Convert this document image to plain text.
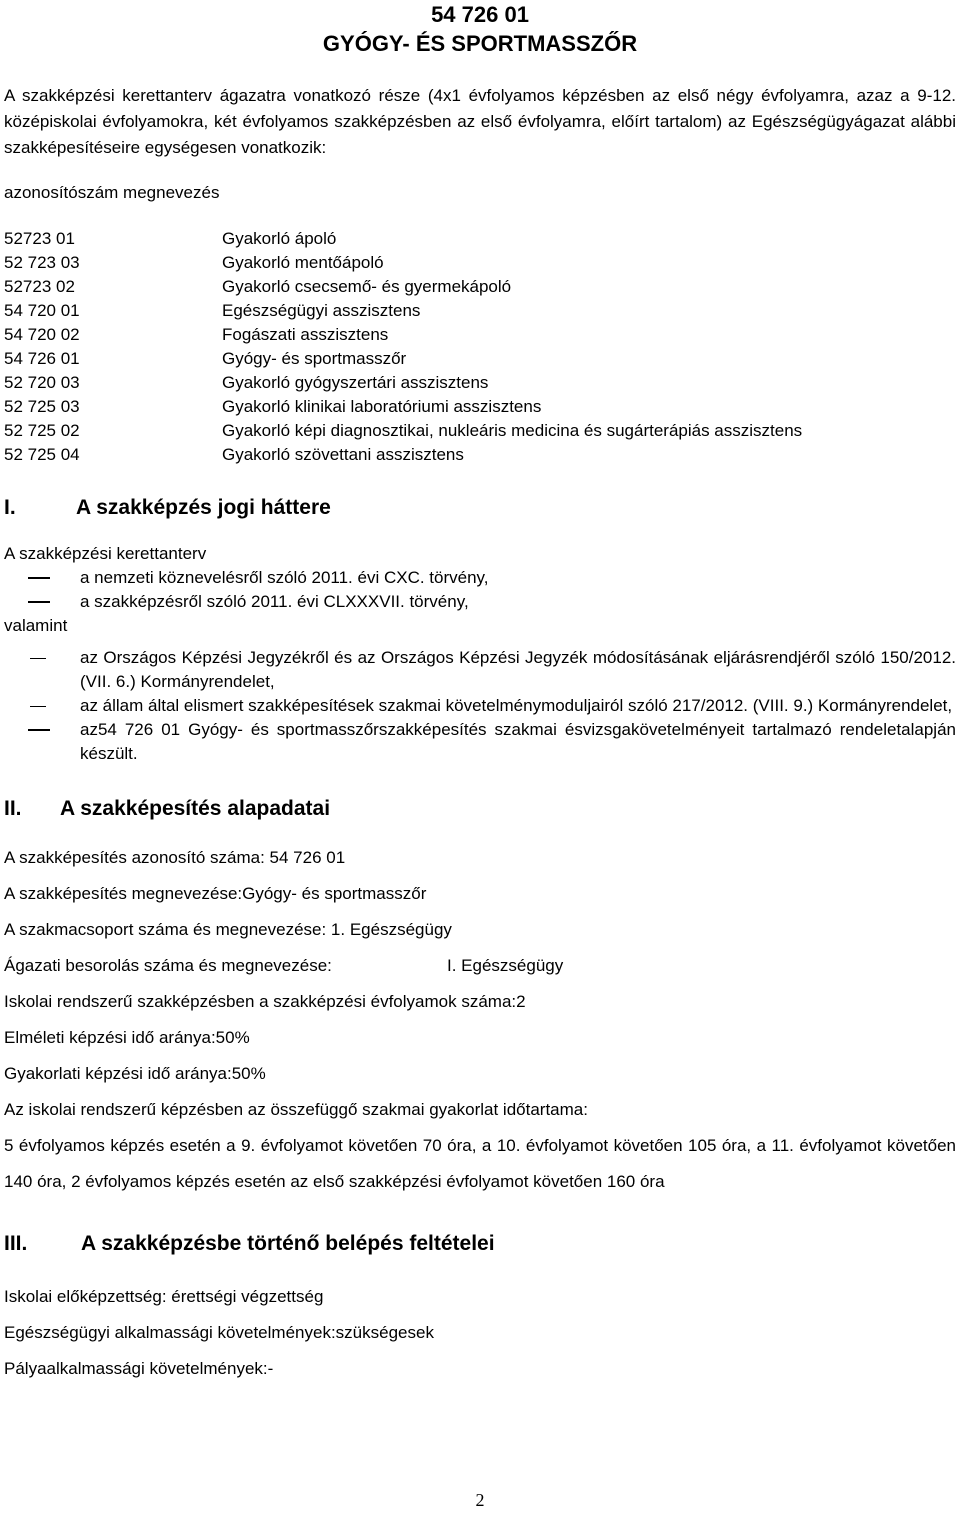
54 726 01

GYÓGY- ÉS SPORTMASSZŐR

A szakképzési kerettanterv ágazatra vonatkozó része (4x1 évfolyamos képzésben az első négy évfolyamra, azaz a 9-12. középiskolai évfolyamokra, két évfolyamos szakképzésben az első évfolyamra, előírt tartalom) az Egészségügyágazat alábbi szakképesítéseire egységesen vonatkozik:

azonosítószám megnevezés

52723 01	Gyakorló ápoló
52 723 03	Gyakorló mentőápoló
52723 02	Gyakorló csecsemő- és gyermekápoló
54 720 01	Egészségügyi asszisztens
54 720 02	Fogászati asszisztens
54 726 01	Gyógy- és sportmasszőr
52 720 03	Gyakorló gyógyszertári asszisztens
52 725 03	Gyakorló klinikai laboratóriumi asszisztens
52 725 02	Gyakorló képi diagnosztikai, nukleáris medicina és sugárterápiás asszisztens
52 725 04	Gyakorló szövettani asszisztens
I.	A szakképzés jogi háttere

A szakképzési kerettanterv

a nemzeti köznevelésről szóló 2011. évi CXC. törvény,
a szakképzésről szóló 2011. évi CLXXXVII. törvény,

valamint

az Országos Képzési Jegyzékről és az Országos Képzési Jegyzék módosításának eljárásrendjéről szóló 150/2012. (VII. 6.) Kormányrendelet,
az állam által elismert szakképesítések szakmai követelménymoduljairól szóló 217/2012. (VIII. 9.) Kormányrendelet,
az54 726 01 Gyógy- és sportmasszőrszakképesítés szakmai ésvizsgakövetelményeit tartalmazó rendeletalapján készült.
II.	A szakképesítés alapadatai

A szakképesítés azonosító száma: 54 726 01

A szakképesítés megnevezése:Gyógy- és sportmasszőr

A szakmacsoport száma és megnevezése: 1. Egészségügy

Ágazati besorolás száma és megnevezése:	I. Egészségügy

Iskolai rendszerű szakképzésben a szakképzési évfolyamok száma:2

Elméleti képzési idő aránya:50%

Gyakorlati képzési idő aránya:50%

Az iskolai rendszerű képzésben az összefüggő szakmai gyakorlat időtartama:

5 évfolyamos képzés esetén a 9. évfolyamot követően 70 óra, a 10. évfolyamot követően 105 óra, a 11. évfolyamot követően 140 óra, 2 évfolyamos képzés esetén az első szakképzési évfolyamot követően 160 óra

III.	A szakképzésbe történő belépés feltételei

Iskolai előképzettség: érettségi végzettség

Egészségügyi alkalmassági követelmények:szükségesek

Pályaalkalmassági követelmények:-

2
